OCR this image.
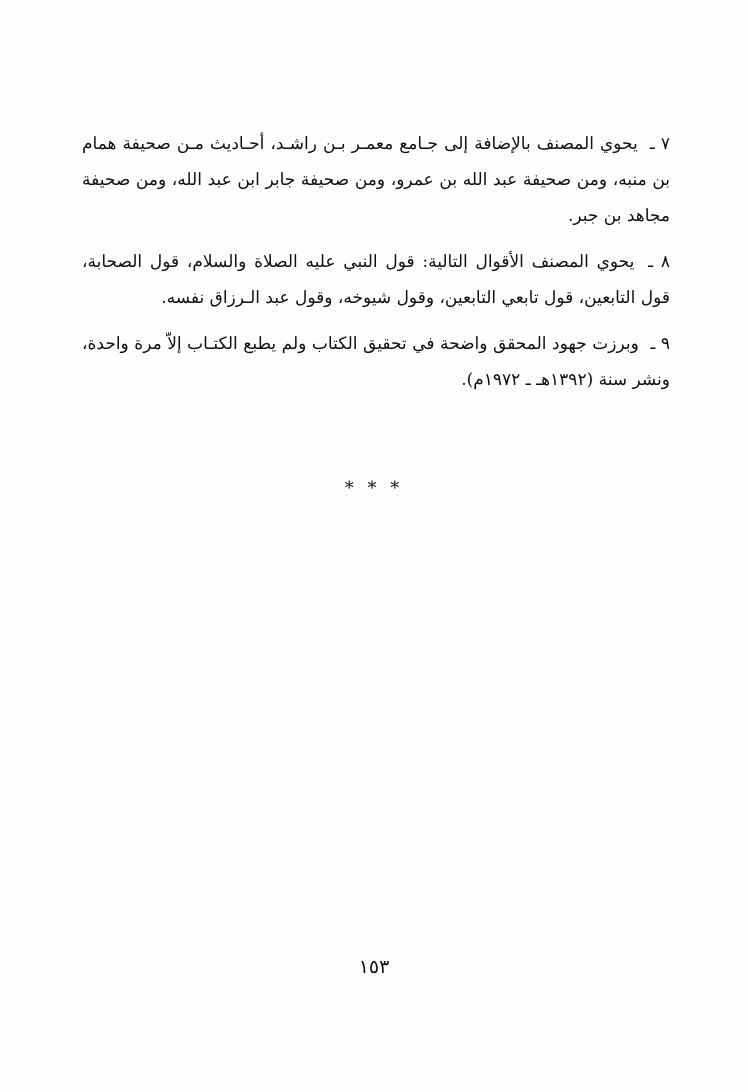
٧ ـ يحوي المصنف بالإضافة إلى جـامع معمـر بـن راشـد، أحـاديث مـن صحيفة همام بن منبه، ومن صحيفة عبد الله بن عمرو، ومن صحيفة جابر ابن عبد الله، ومن صحيفة مجاهد بن جبر.

٨ ـ يحوي المصنف الأقوال التالية: قول النبي عليه الصلاة والسلام، قول الصحابة، قول التابعين، قول تابعي التابعين، وقول شيوخه، وقول عبد الـرزاق نفسه.

٩ ـ وبرزت جهود المحقق واضحة في تحقيق الكتاب ولم يطبع الكتـاب إلاّ مرة واحدة، ونشر سنة (١٣٩٢هـ ـ ١٩٧٢م).

* * *
١٥٣
